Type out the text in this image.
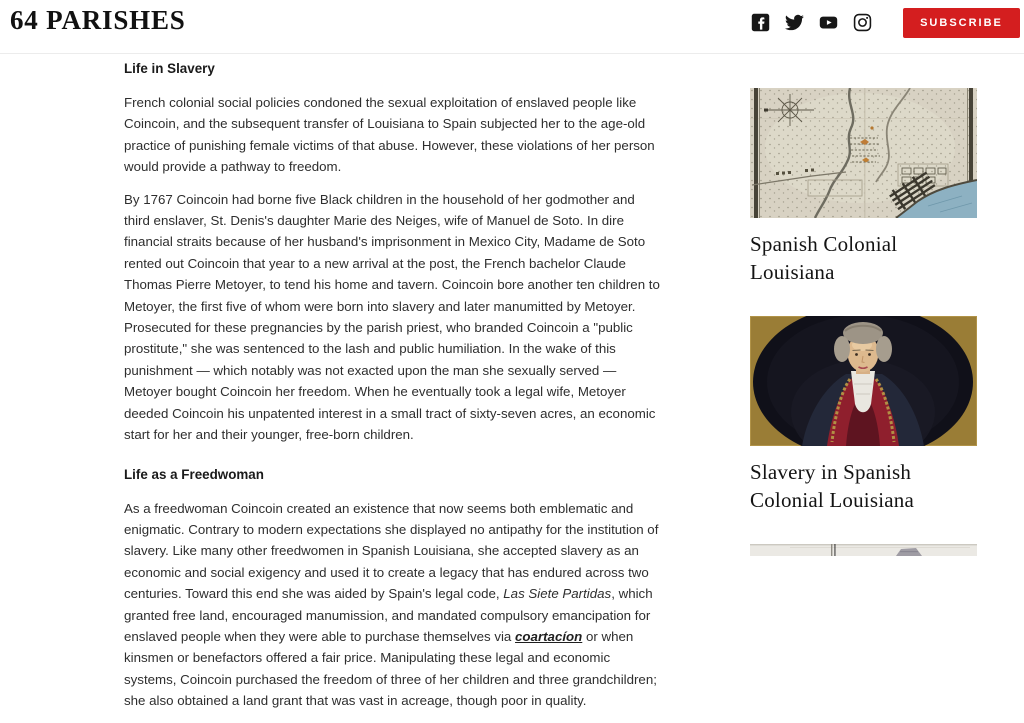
64 PARISHES	SUBSCRIBE
Life in Slavery

French colonial social policies condoned the sexual exploitation of enslaved people like Coincoin, and the subsequent transfer of Louisiana to Spain subjected her to the age-old practice of punishing female victims of that abuse. However, these violations of her person would provide a pathway to freedom.

By 1767 Coincoin had borne five Black children in the household of her godmother and third enslaver, St. Denis's daughter Marie des Neiges, wife of Manuel de Soto. In dire financial straits because of her husband's imprisonment in Mexico City, Madame de Soto rented out Coincoin that year to a new arrival at the post, the French bachelor Claude Thomas Pierre Metoyer, to tend his home and tavern. Coincoin bore another ten children to Metoyer, the first five of whom were born into slavery and later manumitted by Metoyer. Prosecuted for these pregnancies by the parish priest, who branded Coincoin a "public prostitute," she was sentenced to the lash and public humiliation. In the wake of this punishment — which notably was not exacted upon the man she sexually served — Metoyer bought Coincoin her freedom. When he eventually took a legal wife, Metoyer deeded Coincoin his unpatented interest in a small tract of sixty-seven acres, an economic start for her and their younger, free-born children.

Life as a Freedwoman

As a freedwoman Coincoin created an existence that now seems both emblematic and enigmatic. Contrary to modern expectations she displayed no antipathy for the institution of slavery. Like many other freedwomen in Spanish Louisiana, she accepted slavery as an economic and social exigency and used it to create a legacy that has endured across two centuries. Toward this end she was aided by Spain's legal code, Las Siete Partidas, which granted free land, encouraged manumission, and mandated compulsory emancipation for enslaved people when they were able to purchase themselves via coartacíon or when kinsmen or benefactors offered a fair price. Manipulating these legal and economic systems, Coincoin purchased the freedom of three of her children and three grandchildren; she also obtained a land grant that was vast in acreage, though poor in quality.

Spanish Colonial Louisiana
Slavery in Spanish Colonial Louisiana
